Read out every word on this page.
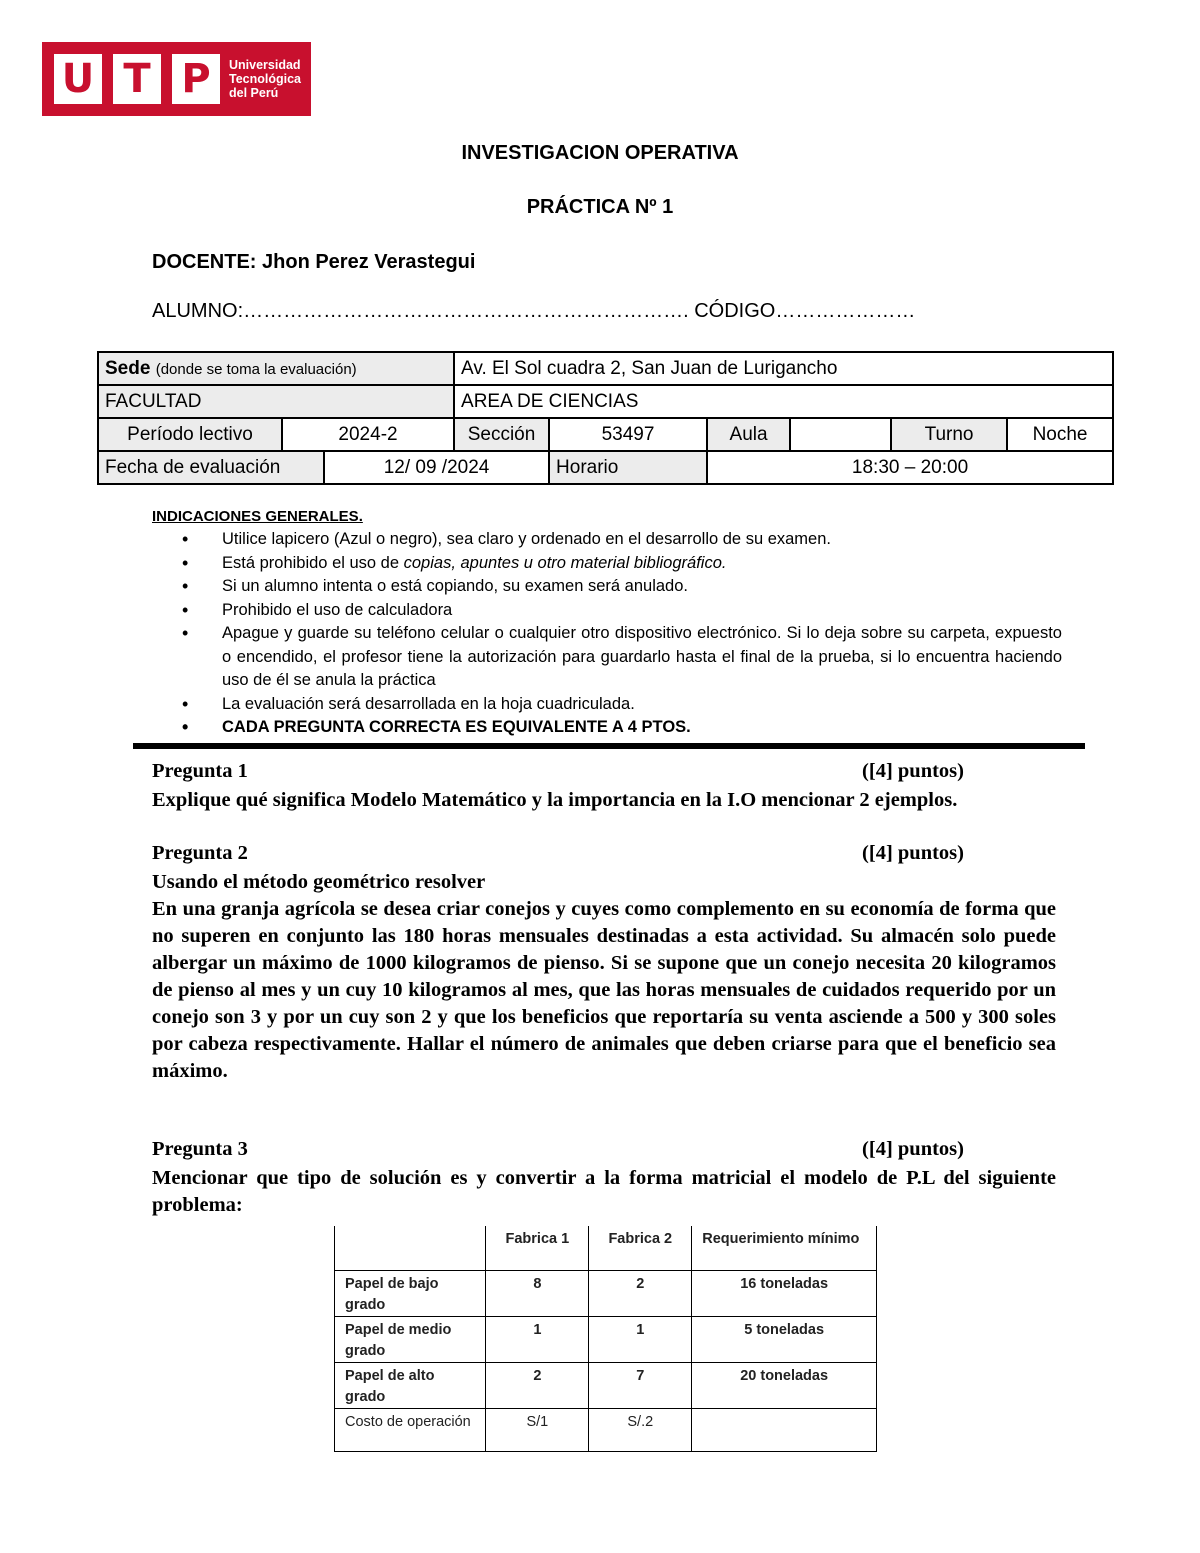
U T P	Universidad
Tecnológica
del Perú
INVESTIGACION OPERATIVA
PRÁCTICA Nº 1
DOCENTE: Jhon Perez Verastegui
ALUMNO:…………………………………………………………. CÓDIGO…………………
Sede (donde se toma la evaluación)			Av. El Sol cuadra 2, San Juan de Lurigancho					
FACULTAD			AREA DE CIENCIAS					
Período lectivo	2024-2		Sección	53497	Aula		Turno	Noche
Fecha de evaluación		12/ 09 /2024		Horario	18:30 – 20:00			
INDICACIONES GENERALES.
• Utilice lapicero (Azul o negro), sea claro y ordenado en el desarrollo de su examen.
• Está prohibido el uso de copias, apuntes u otro material bibliográfico.
• Si un alumno intenta o está copiando, su examen será anulado.
• Prohibido el uso de calculadora
• Apague y guarde su teléfono celular o cualquier otro dispositivo electrónico. Si lo deja sobre su carpeta, expuesto o encendido, el profesor tiene la autorización para guardarlo hasta el final de la prueba, si lo encuentra haciendo uso de él se anula la práctica
• La evaluación será desarrollada en la hoja cuadriculada.
• CADA PREGUNTA CORRECTA ES EQUIVALENTE A 4 PTOS.
Pregunta 1	([4] puntos)
Explique qué significa Modelo Matemático y la importancia en la I.O mencionar 2 ejemplos.
Pregunta 2	([4] puntos)
Usando el método geométrico resolver
En una granja agrícola se desea criar conejos y cuyes como complemento en su economía de forma que no superen en conjunto las 180 horas mensuales destinadas a esta actividad. Su almacén solo puede albergar un máximo de 1000 kilogramos de pienso. Si se supone que un conejo necesita 20 kilogramos de pienso al mes y un cuy 10 kilogramos al mes, que las horas mensuales de cuidados requerido por un conejo son 3 y por un cuy son 2 y que los beneficios que reportaría su venta asciende a 500 y 300 soles por cabeza respectivamente. Hallar el número de animales que deben criarse para que el beneficio sea máximo.
Pregunta 3	([4] puntos)
Mencionar que tipo de solución es y convertir a la forma matricial el modelo de P.L del siguiente problema:
	Fabrica 1	Fabrica 2	Requerimiento mínimo
Papel de bajo grado	8	2	16 toneladas
Papel de medio grado	1	1	5 toneladas
Papel de alto grado	2	7	20 toneladas
Costo de operación	S/1	S/.2	
